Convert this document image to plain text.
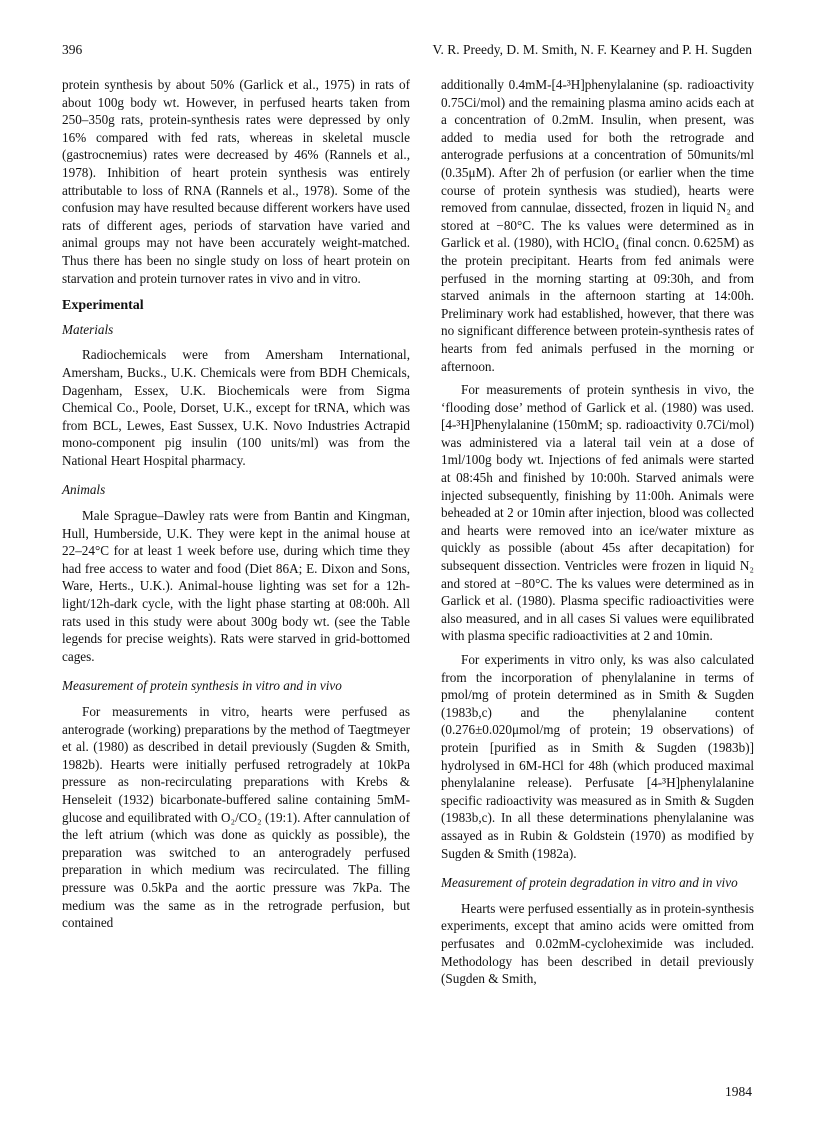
396	V. R. Preedy, D. M. Smith, N. F. Kearney and P. H. Sugden

protein synthesis by about 50% (Garlick et al., 1975) in rats of about 100g body wt. However, in perfused hearts taken from 250–350g rats, protein-synthesis rates were depressed by only 16% compared with fed rats, whereas in skeletal muscle (gastrocnemius) rates were decreased by 46% (Rannels et al., 1978). Inhibition of heart protein synthesis was entirely attributable to loss of RNA (Rannels et al., 1978). Some of the confusion may have resulted because different workers have used rats of different ages, periods of starvation have varied and animal groups may not have been accurately weight-matched. Thus there has been no single study on loss of heart protein on starvation and protein turnover rates in vivo and in vitro.

Experimental
Materials

Radiochemicals were from Amersham International, Amersham, Bucks., U.K. Chemicals were from BDH Chemicals, Dagenham, Essex, U.K. Biochemicals were from Sigma Chemical Co., Poole, Dorset, U.K., except for tRNA, which was from BCL, Lewes, East Sussex, U.K. Novo Industries Actrapid mono-component pig insulin (100 units/ml) was from the National Heart Hospital pharmacy.

Animals

Male Sprague–Dawley rats were from Bantin and Kingman, Hull, Humberside, U.K. They were kept in the animal house at 22–24°C for at least 1 week before use, during which time they had free access to water and food (Diet 86A; E. Dixon and Sons, Ware, Herts., U.K.). Animal-house lighting was set for a 12h-light/12h-dark cycle, with the light phase starting at 08:00h. All rats used in this study were about 300g body wt. (see the Table legends for precise weights). Rats were starved in grid-bottomed cages.

Measurement of protein synthesis in vitro and in vivo

For measurements in vitro, hearts were perfused as anterograde (working) preparations by the method of Taegtmeyer et al. (1980) as described in detail previously (Sugden & Smith, 1982b). Hearts were initially perfused retrogradely at 10kPa pressure as non-recirculating preparations with Krebs & Henseleit (1932) bicarbonate-buffered saline containing 5mM-glucose and equilibrated with O₂/CO₂ (19:1). After cannulation of the left atrium (which was done as quickly as possible), the preparation was switched to an anterogradely perfused preparation in which medium was recirculated. The filling pressure was 0.5kPa and the aortic pressure was 7kPa. The medium was the same as in the retrograde perfusion, but contained

additionally 0.4mM-[4-³H]phenylalanine (sp. radioactivity 0.75Ci/mol) and the remaining plasma amino acids each at a concentration of 0.2mM. Insulin, when present, was added to media used for both the retrograde and anterograde perfusions at a concentration of 50munits/ml (0.35μM). After 2h of perfusion (or earlier when the time course of protein synthesis was studied), hearts were removed from cannulae, dissected, frozen in liquid N₂ and stored at −80°C. The ks values were determined as in Garlick et al. (1980), with HClO₄ (final concn. 0.625M) as the protein precipitant. Hearts from fed animals were perfused in the morning starting at 09:30h, and from starved animals in the afternoon starting at 14:00h. Preliminary work had established, however, that there was no significant difference between protein-synthesis rates of hearts from fed animals perfused in the morning or afternoon.

For measurements of protein synthesis in vivo, the ‘flooding dose’ method of Garlick et al. (1980) was used. [4-³H]Phenylalanine (150mM; sp. radioactivity 0.7Ci/mol) was administered via a lateral tail vein at a dose of 1ml/100g body wt. Injections of fed animals were started at 08:45h and finished by 10:00h. Starved animals were injected subsequently, finishing by 11:00h. Animals were beheaded at 2 or 10min after injection, blood was collected and hearts were removed into an ice/water mixture as quickly as possible (about 45s after decapitation) for subsequent dissection. Ventricles were frozen in liquid N₂ and stored at −80°C. The ks values were determined as in Garlick et al. (1980). Plasma specific radioactivities were also measured, and in all cases Si values were equilibrated with plasma specific radioactivities at 2 and 10min.

For experiments in vitro only, ks was also calculated from the incorporation of phenylalanine in terms of pmol/mg of protein determined as in Smith & Sugden (1983b,c) and the phenylalanine content (0.276±0.020μmol/mg of protein; 19 observations) of protein [purified as in Smith & Sugden (1983b)] hydrolysed in 6M-HCl for 48h (which produced maximal phenylalanine release). Perfusate [4-³H]phenylalanine specific radioactivity was measured as in Smith & Sugden (1983b,c). In all these determinations phenylalanine was assayed as in Rubin & Goldstein (1970) as modified by Sugden & Smith (1982a).

Measurement of protein degradation in vitro and in vivo

Hearts were perfused essentially as in protein-synthesis experiments, except that amino acids were omitted from perfusates and 0.02mM-cycloheximide was included. Methodology has been described in detail previously (Sugden & Smith,

1984
